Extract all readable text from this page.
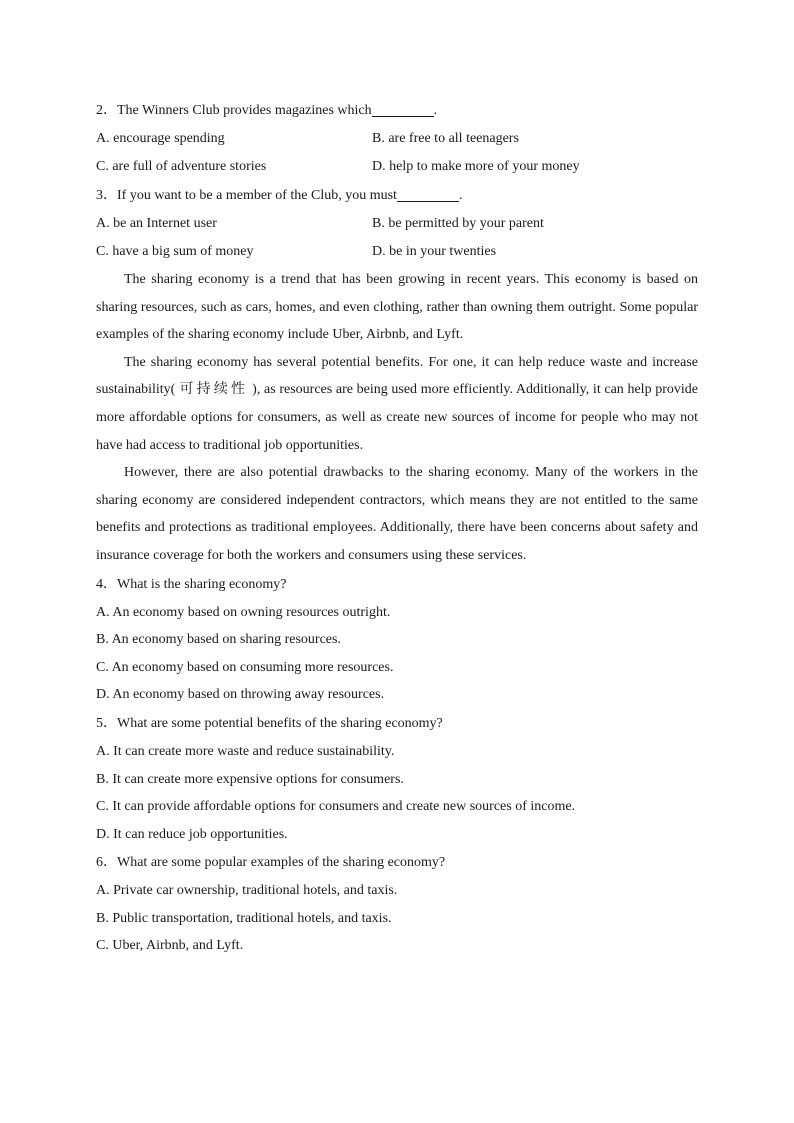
2．The Winners Club provides magazines which	.
A. encourage spending	B. are free to all teenagers
C. are full of adventure stories	D. help to make more of your money
3．If you want to be a member of the Club, you must	.
A. be an Internet user	B. be permitted by your parent
C. have a big sum of money	D. be in your twenties

The sharing economy is a trend that has been growing in recent years. This economy is based on sharing resources, such as cars, homes, and even clothing, rather than owning them outright. Some popular examples of the sharing economy include Uber, Airbnb, and Lyft.

The sharing economy has several potential benefits. For one, it can help reduce waste and increase sustainability( 可持续性 ), as resources are being used more efficiently. Additionally, it can help provide more affordable options for consumers, as well as create new sources of income for people who may not have had access to traditional job opportunities.

However, there are also potential drawbacks to the sharing economy. Many of the workers in the sharing economy are considered independent contractors, which means they are not entitled to the same benefits and protections as traditional employees. Additionally, there have been concerns about safety and insurance coverage for both the workers and consumers using these services.

4．What is the sharing economy?
A. An economy based on owning resources outright.
B. An economy based on sharing resources.
C. An economy based on consuming more resources.
D. An economy based on throwing away resources.
5．What are some potential benefits of the sharing economy?
A. It can create more waste and reduce sustainability.
B. It can create more expensive options for consumers.
C. It can provide affordable options for consumers and create new sources of income.
D. It can reduce job opportunities.
6．What are some popular examples of the sharing economy?
A. Private car ownership, traditional hotels, and taxis.
B. Public transportation, traditional hotels, and taxis.
C. Uber, Airbnb, and Lyft.
